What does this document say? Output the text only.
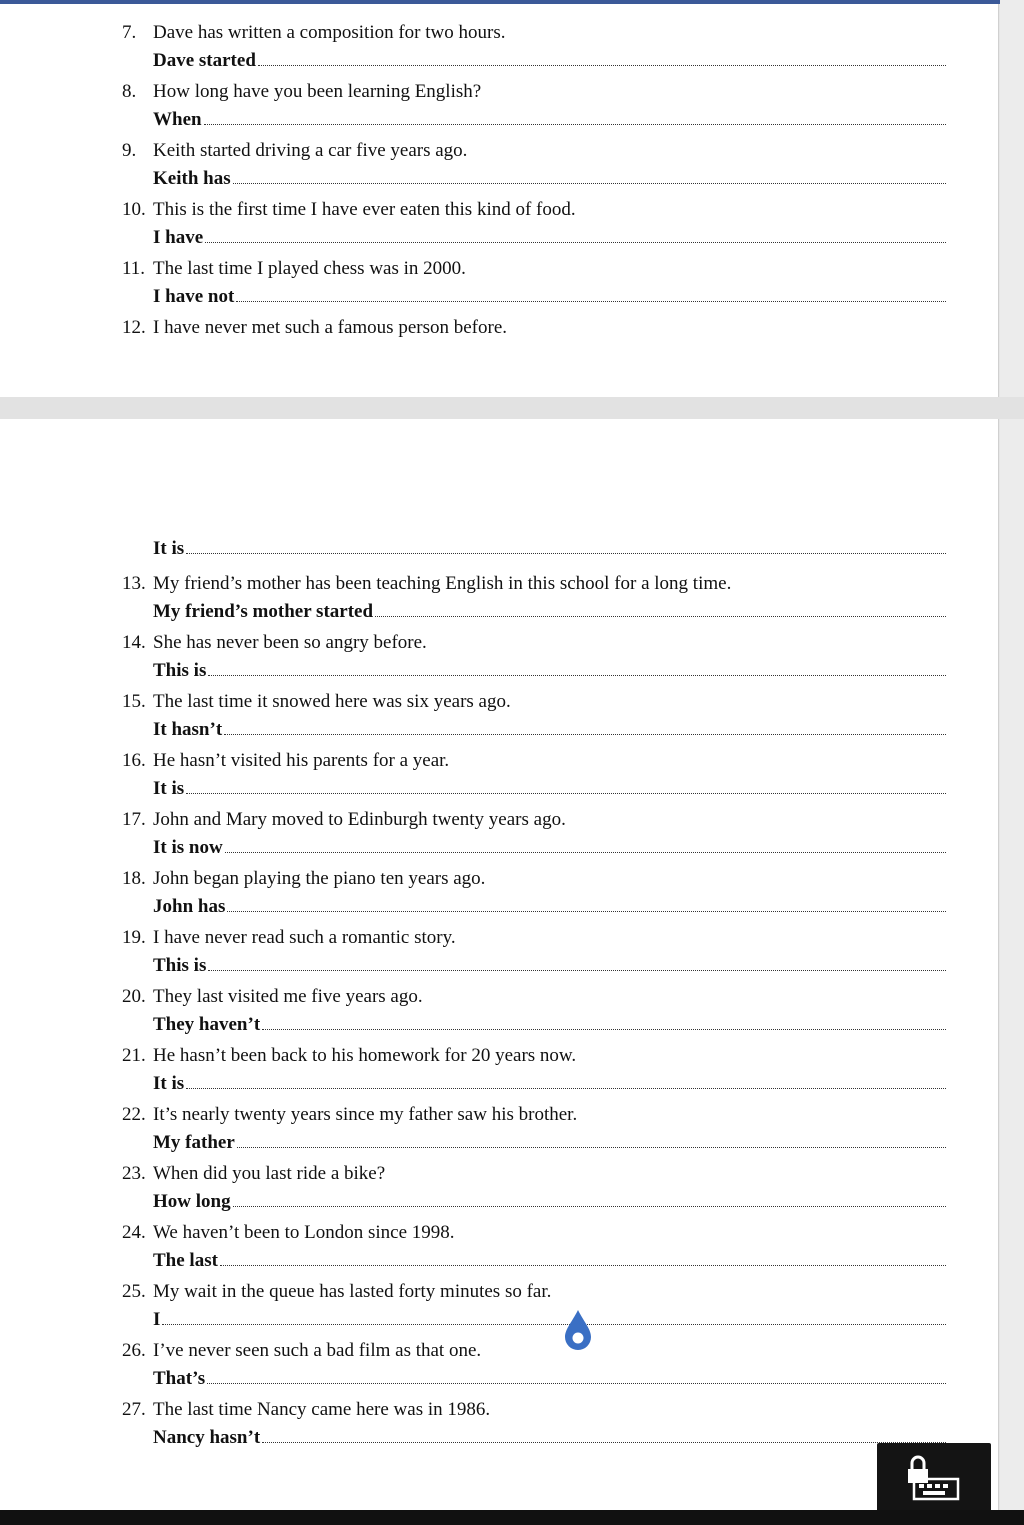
7. Dave has written a composition for two hours.
Dave started
8. How long have you been learning English?
When
9. Keith started driving a car five years ago.
Keith has
10. This is the first time I have ever eaten this kind of food.
I have
11. The last time I played chess was in 2000.
I have not
12. I have never met such a famous person before.
It is
13. My friend’s mother has been teaching English in this school for a long time.
My friend’s mother started
14. She has never been so angry before.
This is
15. The last time it snowed here was six years ago.
It hasn’t
16. He hasn’t visited his parents for a year.
It is
17. John and Mary moved to Edinburgh twenty years ago.
It is now
18. John began playing the piano ten years ago.
John has
19. I have never read such a romantic story.
This is
20. They last visited me five years ago.
They haven’t
21. He hasn’t been back to his homework for 20 years now.
It is
22. It’s nearly twenty years since my father saw his brother.
My father
23. When did you last ride a bike?
How long
24. We haven’t been to London since 1998.
The last
25. My wait in the queue has lasted forty minutes so far.
I
26. I’ve never seen such a bad film as that one.
That’s
27. The last time Nancy came here was in 1986.
Nancy hasn’t
